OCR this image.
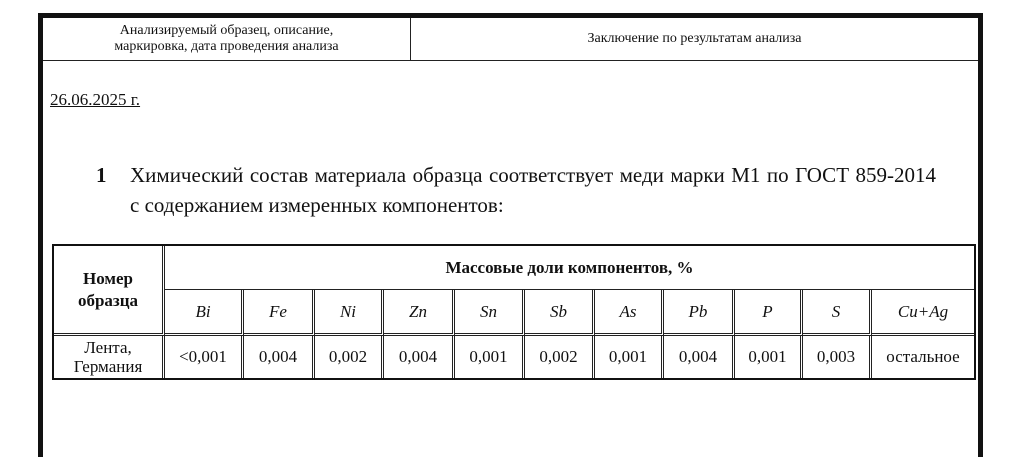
Анализируемый образец, описание,
маркировка, дата проведения анализа
Заключение по результатам анализа
26.06.2025 г.
1 Химический состав материала образца соответствует меди марки М1 по ГОСТ 859-2014 с содержанием измеренных компонентов:
Номер
образца	Массовые доли компонентов, %										
	Bi	Fe	Ni	Zn	Sn	Sb	As	Pb	P	S	Cu+Ag
Лента,
Германия	<0,001	0,004	0,002	0,004	0,001	0,002	0,001	0,004	0,001	0,003	остальное
